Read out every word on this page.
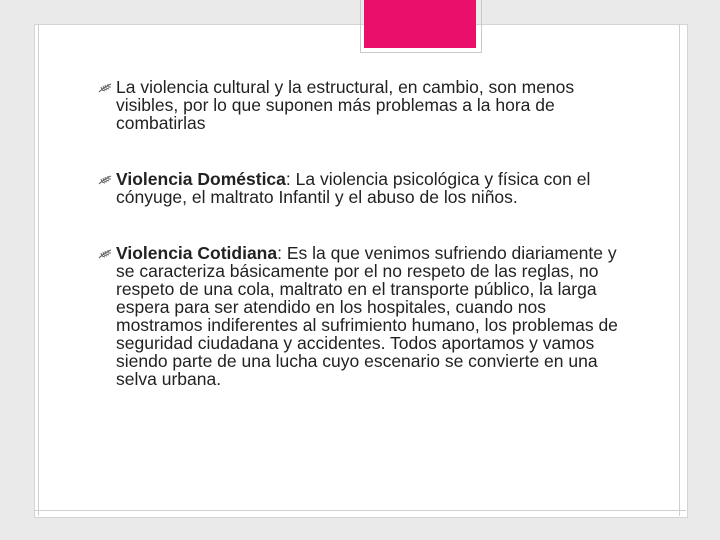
La violencia cultural y la estructural, en cambio, son menos visibles, por lo que suponen más problemas a la hora de combatirlas
Violencia Doméstica: La violencia psicológica y física con el cónyuge, el maltrato Infantil y el abuso de los niños.
Violencia Cotidiana: Es la que venimos sufriendo diariamente y se caracteriza básicamente por el no respeto de las reglas, no respeto de una cola, maltrato en el transporte público, la larga espera para ser atendido en los hospitales, cuando nos mostramos indiferentes al sufrimiento humano, los problemas de seguridad ciudadana y accidentes. Todos aportamos y vamos siendo parte de una lucha cuyo escenario se convierte en una selva urbana.
